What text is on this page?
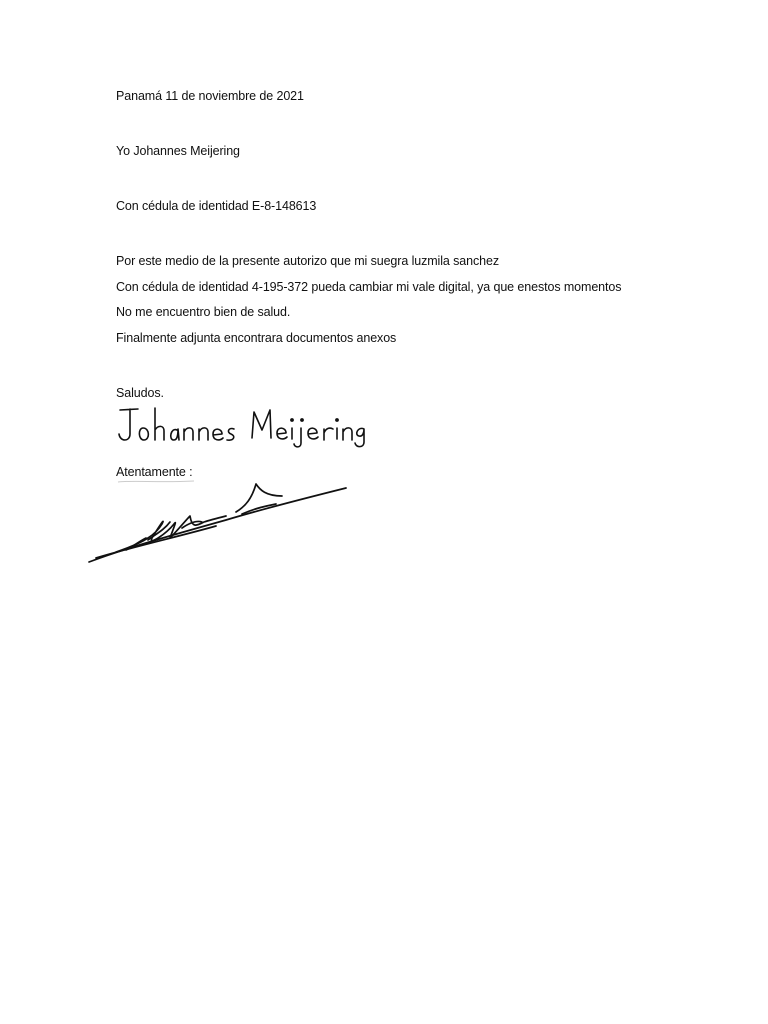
Panamá 11 de noviembre de 2021
Yo Johannes Meijering
Con cédula de identidad E-8-148613
Por este medio de la presente autorizo que mi suegra luzmila sanchez
Con cédula de identidad 4-195-372 pueda cambiar mi vale digital, ya que enestos momentos
No me encuentro bien de salud.
Finalmente adjunta encontrara documentos anexos
Saludos.
Atentamente :
